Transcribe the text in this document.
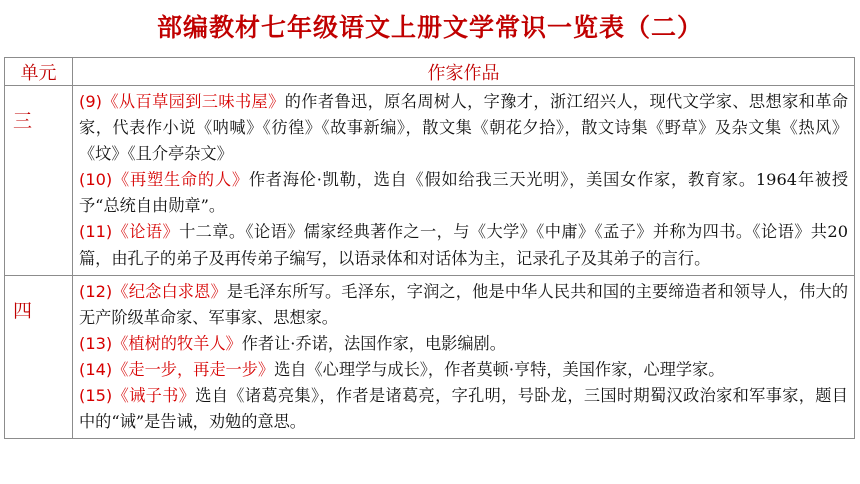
部编教材七年级语文上册文学常识一览表（二）
单元	作家作品
三	(9)《从百草园到三味书屋》的作者鲁迅，原名周树人，字豫才，浙江绍兴人，现代文学家、思想家和革命家，代表作小说《呐喊》《彷徨》《故事新编》，散文集《朝花夕拾》，散文诗集《野草》及杂文集《热风》《坟》《且介亭杂文》
(10)《再塑生命的人》作者海伦·凯勒，选自《假如给我三天光明》，美国女作家，教育家。1964年被授予“总统自由勋章”。
(11)《论语》十二章。《论语》儒家经典著作之一，与《大学》《中庸》《孟子》并称为四书。《论语》共20篇，由孔子的弟子及再传弟子编写，以语录体和对话体为主，记录孔子及其弟子的言行。

四	(12)《纪念白求恩》是毛泽东所写。毛泽东，字润之，他是中华人民共和国的主要缔造者和领导人，伟大的无产阶级革命家、军事家、思想家。
(13)《植树的牧羊人》作者让·乔诺，法国作家，电影编剧。
(14)《走一步，再走一步》选自《心理学与成长》，作者莫顿·亨特，美国作家，心理学家。
(15)《诫子书》选自《诸葛亮集》，作者是诸葛亮，字孔明，号卧龙，三国时期蜀汉政治家和军事家，题目中的“诫”是告诫，劝勉的意思。
